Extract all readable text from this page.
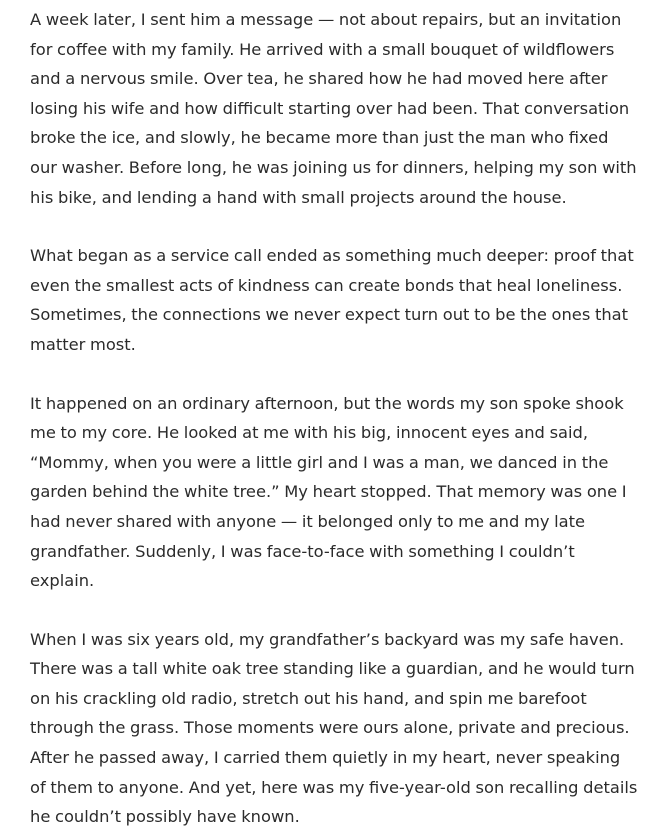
A week later, I sent him a message — not about repairs, but an invitation for coffee with my family. He arrived with a small bouquet of wildflowers and a nervous smile. Over tea, he shared how he had moved here after losing his wife and how difficult starting over had been. That conversation broke the ice, and slowly, he became more than just the man who fixed our washer. Before long, he was joining us for dinners, helping my son with his bike, and lending a hand with small projects around the house.

What began as a service call ended as something much deeper: proof that even the smallest acts of kindness can create bonds that heal loneliness. Sometimes, the connections we never expect turn out to be the ones that matter most.

It happened on an ordinary afternoon, but the words my son spoke shook me to my core. He looked at me with his big, innocent eyes and said, “Mommy, when you were a little girl and I was a man, we danced in the garden behind the white tree.” My heart stopped. That memory was one I had never shared with anyone — it belonged only to me and my late grandfather. Suddenly, I was face-to-face with something I couldn’t explain.

When I was six years old, my grandfather’s backyard was my safe haven. There was a tall white oak tree standing like a guardian, and he would turn on his crackling old radio, stretch out his hand, and spin me barefoot through the grass. Those moments were ours alone, private and precious. After he passed away, I carried them quietly in my heart, never speaking of them to anyone. And yet, here was my five-year-old son recalling details he couldn’t possibly have known.
